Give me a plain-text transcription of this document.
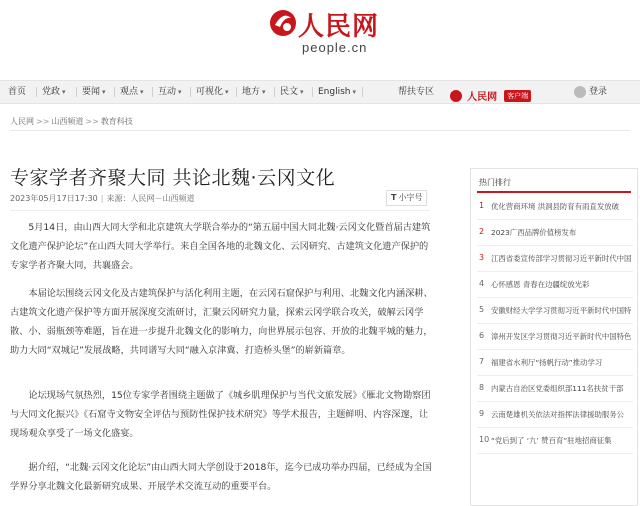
人民网
people.cn
首页 党政 ▾ 要闻 ▾ 观点 ▾ 互动 ▾ 可视化 ▾ 地方 ▾ 民文 ▾ English ▾	帮扶专区	人民网 客户端	登录
人民网 >> 山西频道 >> 教育科技
专家学者齐聚大同 共论北魏·云冈文化
2023年05月17日17:30 | 来源：人民网－山西频道	T 小字号

5月14日，由山西大同大学和北京建筑大学联合举办的“第五届中国大同北魏·云冈文化暨首届古建筑文化遗产保护论坛”在山西大同大学举行。来自全国各地的北魏文化、云冈研究、古建筑文化遗产保护的专家学者齐聚大同，共襄盛会。

本届论坛围绕云冈文化及古建筑保护与活化利用主题，在云冈石窟保护与利用、北魏文化内涵深耕、古建筑文化遗产保护等方面开展深度交流研讨，汇聚云冈研究力量，探索云冈学联合攻关，破解云冈学散、小、弱瓶颈等难题，旨在进一步提升北魏文化的影响力，向世界展示包容、开放的北魏平城的魅力，助力大同“双城记”发展战略，共同谱写大同“融入京津冀、打造桥头堡”的崭新篇章。

论坛现场气氛热烈，15位专家学者围绕主题做了《城乡肌理保护与当代文旅发展》《雁北文物勘察团与大同文化振兴》《石窟寺文物安全评估与预防性保护技术研究》等学术报告，主题鲜明、内容深邃，让现场观众享受了一场文化盛宴。

据介绍，“北魏·云冈文化论坛”由山西大同大学创设于2018年，迄今已成功举办四届，已经成为全国学界分享北魏文化最新研究成果、开展学术交流互动的重要平台。

热门排行
1 优化营商环境 洪洞县防育有雨直发放破
2 2023广西品牌价值榜发布
3 江西省委宣传部学习贯彻习近平新时代中国
4 心怀感恩 青春在边疆绽放光彩
5 安徽财经大学学习贯彻习近平新时代中国特
6 漳州开发区学习贯彻习近平新时代中国特色
7 福建省水利厅“扬帆行动”推动学习
8 内蒙古自治区党委组织部111名扶贫干部
9 云南楚雄机关依法对指挥法律援助服务公
10 “党后到了 ‘九’ 赞百育”驻地招商征集
